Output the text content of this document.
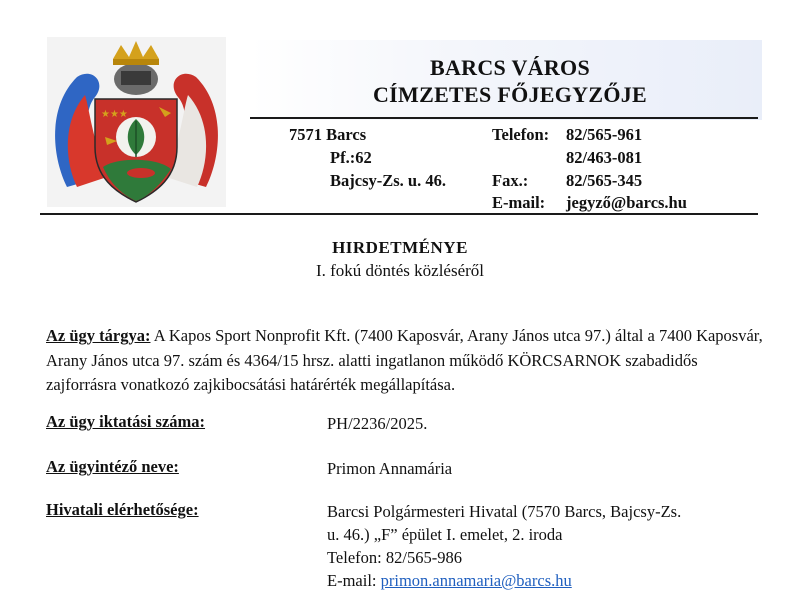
★★★
BARCS VÁROS
CÍMZETES FŐJEGYZŐJE
7571 Barcs
Pf.:62
Bajcsy-Zs. u. 46.
Telefon: 82/565-961
82/463-081
Fax.: 82/565-345
E-mail: jegyző@barcs.hu
HIRDETMÉNYE
I. fokú döntés közléséről
Az ügy tárgya: A Kapos Sport Nonprofit Kft. (7400 Kaposvár, Arany János utca 97.) által a 7400 Kaposvár, Arany János utca 97. szám és 4364/15 hrsz. alatti ingatlanon működő KÖRCSARNOK szabadidős zajforrásra vonatkozó zajkibocsátási határérték megállapítása.
Az ügy iktatási száma:	PH/2236/2025.
Az ügyintéző neve:	Primon Annamária
Hivatali elérhetősége:	Barcsi Polgármesteri Hivatal (7570 Barcs, Bajcsy-Zs.
u. 46.) „F” épület I. emelet, 2. iroda
Telefon: 82/565-986
E-mail: primon.annamaria@barcs.hu
